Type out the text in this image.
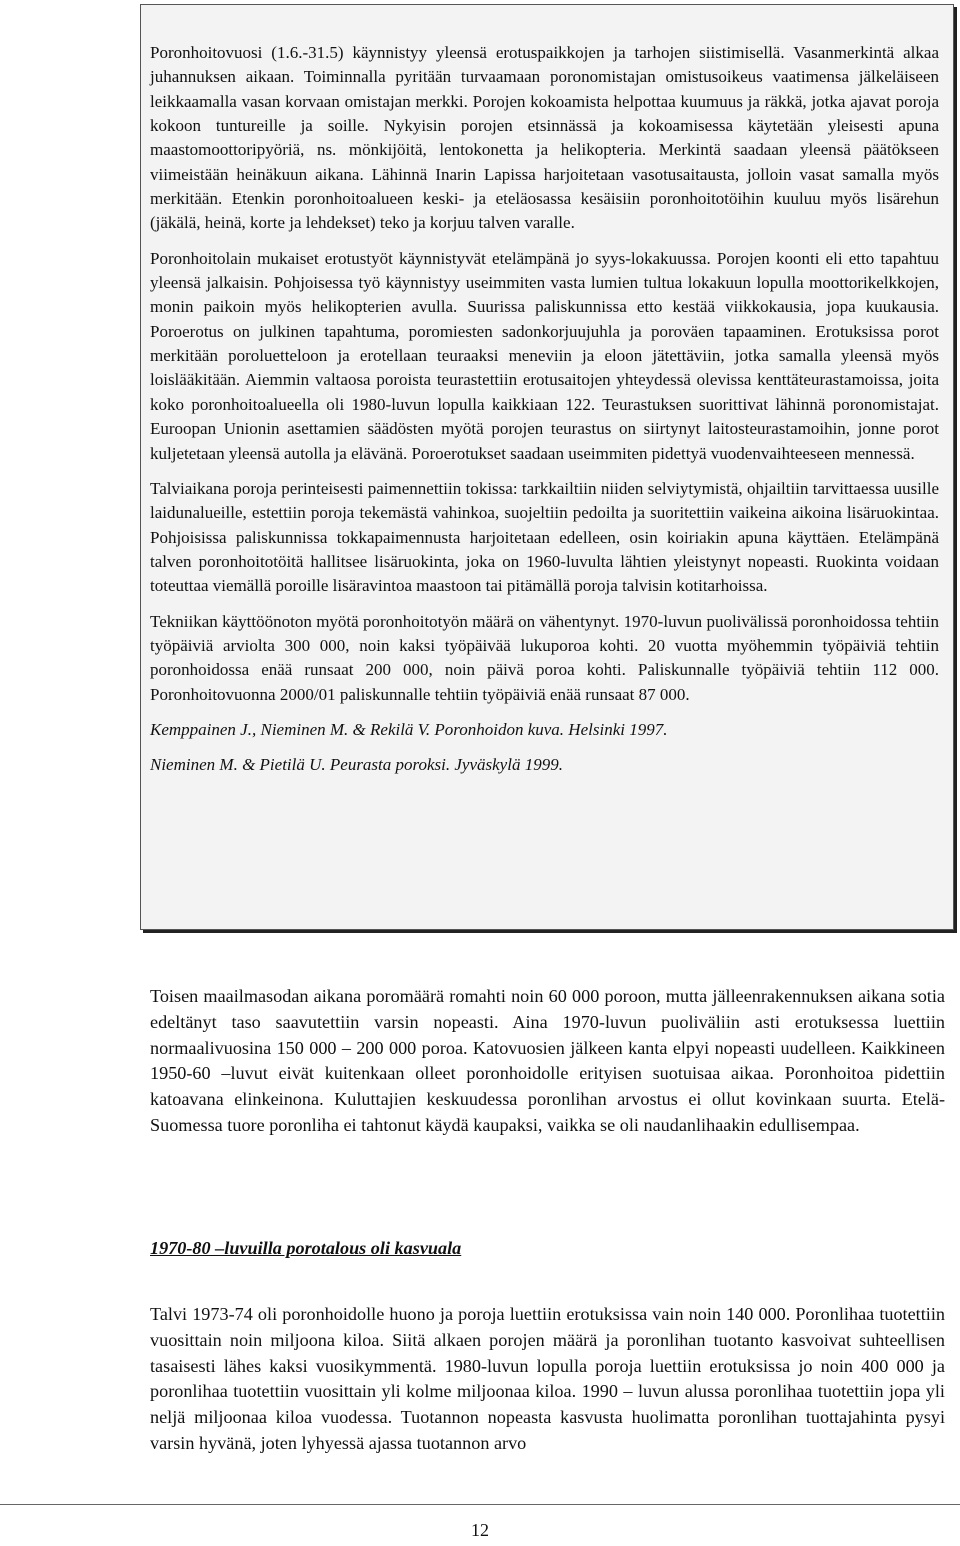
Poronhoitovuosi (1.6.-31.5) käynnistyy yleensä erotuspaikkojen ja tarhojen siistimisellä. Vasanmerkintä alkaa juhannuksen aikaan. Toiminnalla pyritään turvaamaan poronomistajan omistusoikeus vaatimensa jälkeläiseen leikkaamalla vasan korvaan omistajan merkki. Porojen kokoamista helpottaa kuumuus ja räkkä, jotka ajavat poroja kokoon tuntureille ja soille. Nykyisin porojen etsinnässä ja kokoamisessa käytetään yleisesti apuna maastomoottoripyöriä, ns. mönkijöitä, lentokonetta ja helikopteria. Merkintä saadaan yleensä päätökseen viimeistään heinäkuun aikana. Lähinnä Inarin Lapissa harjoitetaan vasotusaitausta, jolloin vasat samalla myös merkitään. Etenkin poronhoitoalueen keski- ja eteläosassa kesäisiin poronhoitotöihin kuuluu myös lisärehun (jäkälä, heinä, korte ja lehdekset) teko ja korjuu talven varalle.

Poronhoitolain mukaiset erotustyöt käynnistyvät etelämpänä jo syys-lokakuussa. Porojen koonti eli etto tapahtuu yleensä jalkaisin. Pohjoisessa työ käynnistyy useimmiten vasta lumien tultua lokakuun lopulla moottorikelkkojen, monin paikoin myös helikopterien avulla. Suurissa paliskunnissa etto kestää viikkokausia, jopa kuukausia. Poroerotus on julkinen tapahtuma, poromiesten sadonkorjuujuhla ja poroväen tapaaminen. Erotuksissa porot merkitään poroluetteloon ja erotellaan teuraaksi meneviin ja eloon jätettäviin, jotka samalla yleensä myös loislääkitään. Aiemmin valtaosa poroista teurastettiin erotusaitojen yhteydessä olevissa kenttäteurastamoissa, joita koko poronhoitoalueella oli 1980-luvun lopulla kaikkiaan 122. Teurastuksen suorittivat lähinnä poronomistajat. Euroopan Unionin asettamien säädösten myötä porojen teurastus on siirtynyt laitosteurastamoihin, jonne porot kuljetetaan yleensä autolla ja elävänä. Poroerotukset saadaan useimmiten pidettyä vuodenvaihteeseen mennessä.

Talviaikana poroja perinteisesti paimennettiin tokissa: tarkkailtiin niiden selviytymistä, ohjailtiin tarvittaessa uusille laidunalueille, estettiin poroja tekemästä vahinkoa, suojeltiin pedoilta ja suoritettiin vaikeina aikoina lisäruokintaa. Pohjoisissa paliskunnissa tokkapaimennusta harjoitetaan edelleen, osin koiriakin apuna käyttäen. Etelämpänä talven poronhoitotöitä hallitsee lisäruokinta, joka on 1960-luvulta lähtien yleistynyt nopeasti. Ruokinta voidaan toteuttaa viemällä poroille lisäravintoa maastoon tai pitämällä poroja talvisin kotitarhoissa.

Tekniikan käyttöönoton myötä poronhoitotyön määrä on vähentynyt. 1970-luvun puolivälissä poronhoidossa tehtiin työpäiviä arviolta 300 000, noin kaksi työpäivää lukuporoa kohti. 20 vuotta myöhemmin työpäiviä tehtiin poronhoidossa enää runsaat 200 000, noin päivä poroa kohti. Paliskunnalle työpäiviä tehtiin 112 000. Poronhoitovuonna 2000/01 paliskunnalle tehtiin työpäiviä enää runsaat 87 000.

Kemppainen J., Nieminen M. & Rekilä V. Poronhoidon kuva. Helsinki 1997.

Nieminen M. & Pietilä U. Peurasta poroksi. Jyväskylä 1999.

Toisen maailmasodan aikana poromäärä romahti noin 60 000 poroon, mutta jälleenrakennuksen aikana sotia edeltänyt taso saavutettiin varsin nopeasti. Aina 1970-luvun puoliväliin asti erotuksessa luettiin normaalivuosina 150 000 – 200 000 poroa. Katovuosien jälkeen kanta elpyi nopeasti uudelleen. Kaikkineen 1950-60 –luvut eivät kuitenkaan olleet poronhoidolle erityisen suotuisaa aikaa. Poronhoitoa pidettiin katoavana elinkeinona. Kuluttajien keskuudessa poronlihan arvostus ei ollut kovinkaan suurta. Etelä-Suomessa tuore poronliha ei tahtonut käydä kaupaksi, vaikka se oli naudanlihaakin edullisempaa.

1970-80 –luvuilla porotalous oli kasvuala

Talvi 1973-74 oli poronhoidolle huono ja poroja luettiin erotuksissa vain noin 140 000. Poronlihaa tuotettiin vuosittain noin miljoona kiloa. Siitä alkaen porojen määrä ja poronlihan tuotanto kasvoivat suhteellisen tasaisesti lähes kaksi vuosikymmentä. 1980-luvun lopulla poroja luettiin erotuksissa jo noin 400 000 ja poronlihaa tuotettiin vuosittain yli kolme miljoonaa kiloa. 1990 – luvun alussa poronlihaa tuotettiin jopa yli neljä miljoonaa kiloa vuodessa. Tuotannon nopeasta kasvusta huolimatta poronlihan tuottajahinta pysyi varsin hyvänä, joten lyhyessä ajassa tuotannon arvo

12
